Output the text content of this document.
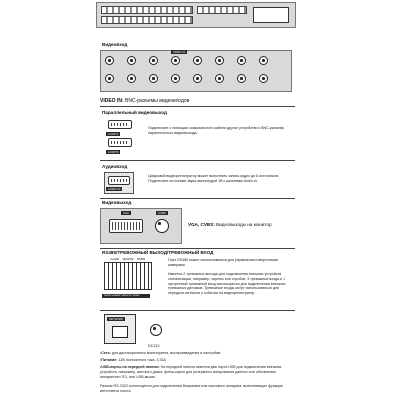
Видеовход
VIDEO IN
VIDEO IN: BNC-разъемы видеовходов
Параллельный видеовыход
LOOP A
LOOP B
Подключите с помощью коаксиального кабеля другое устройство к BNC-разъему параллельного видеовыхода.
Аудиовход
AUDIO IN
Цифровой видеорегистратор может выполнять запись аудио до 8 источников. Подключите источники звука амплитудой 1В к разъемам Audio-In.
Видеовыход
VGA	CVBS
VGA, CVBS: Видеовыходы на монитор
RS485/ТРЕВОЖНЫЙ ВЫХОД/ТРЕВОЖНЫЙ ВХОД
ALARM     SENSOR     RS485
RS485 | ALARM | SENSOR | RS485
Порт RS485 может использоваться для управления поворотными камерами.
Имеется 2 тревожных выхода для подключения внешних устройств сигнализации, например, сирены или стробов. 3 тревожных входа и 1 экстренный тревожный вход используются для подключения внешних тревожных датчиков. Тревожные входы могут использоваться для передачи сигналов о событии на видеорегистратор.
NETWORK
DC12V
▪ Сеть: для дистанционного мониторинга, воспроизведения и настройки.
▪ Питание: 12В постоянного тока, 3.33А
▪ USB-порты на передней панели: На передней панели имеется два порта USB для подключения внешних устройств, например, жесткого диска, флеш-карты для резервного копирования данных или обновления аппаратного ПО, или USB-мыши.
Разъем RS-232C используется для подключения банкомата или кассового аппарата, выполняющих функцию интеллекта текста.
